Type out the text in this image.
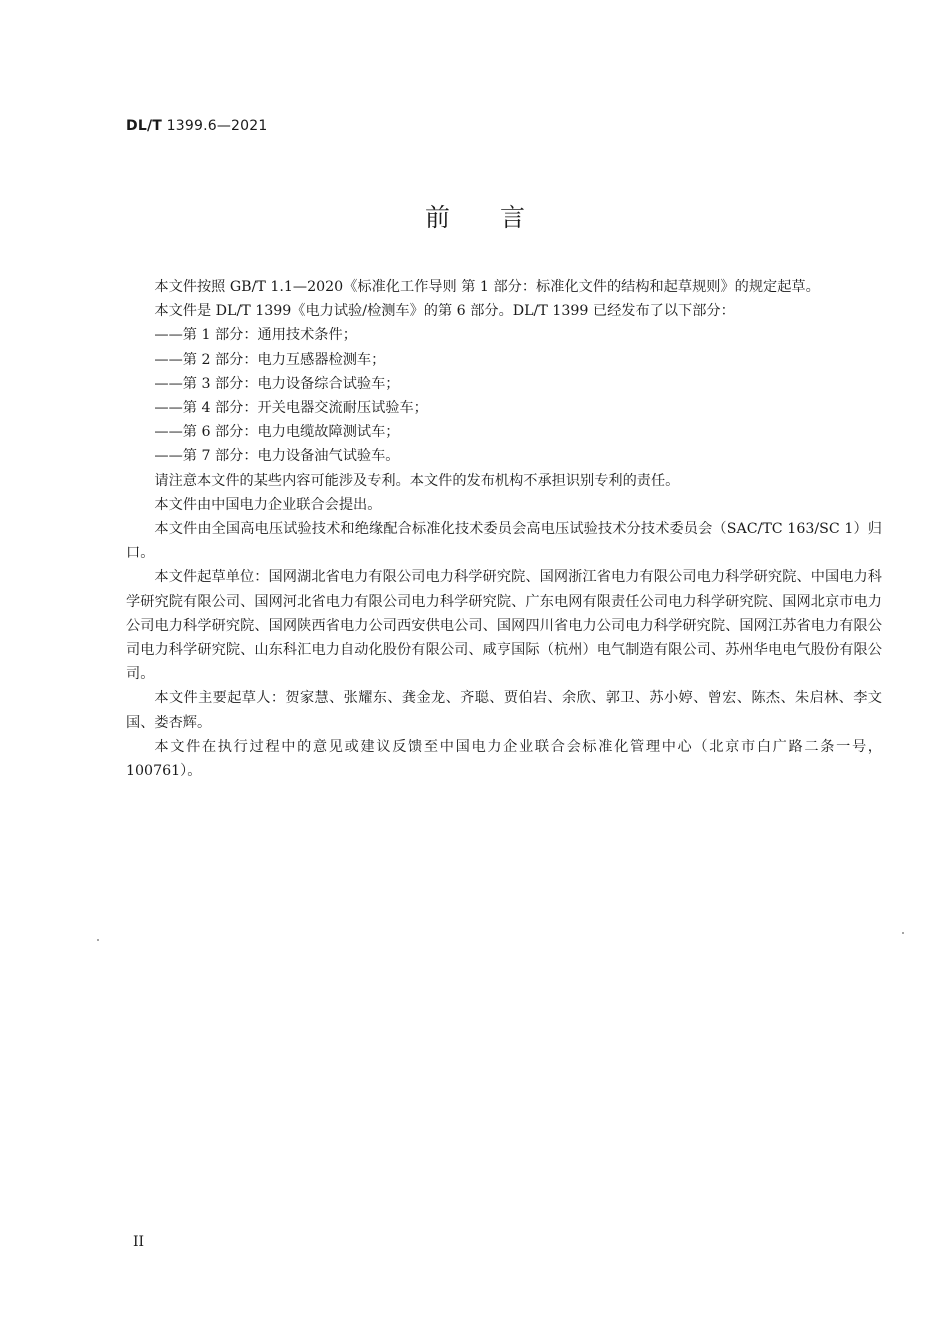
DL/T 1399.6—2021
前言

本文件按照 GB/T 1.1—2020《标准化工作导则 第 1 部分：标准化文件的结构和起草规则》的规定起草。

本文件是 DL/T 1399《电力试验/检测车》的第 6 部分。DL/T 1399 已经发布了以下部分：

——第 1 部分：通用技术条件；

——第 2 部分：电力互感器检测车；

——第 3 部分：电力设备综合试验车；

——第 4 部分：开关电器交流耐压试验车；

——第 6 部分：电力电缆故障测试车；

——第 7 部分：电力设备油气试验车。

请注意本文件的某些内容可能涉及专利。本文件的发布机构不承担识别专利的责任。

本文件由中国电力企业联合会提出。

本文件由全国高电压试验技术和绝缘配合标准化技术委员会高电压试验技术分技术委员会（SAC/TC 163/SC 1）归口。

本文件起草单位：国网湖北省电力有限公司电力科学研究院、国网浙江省电力有限公司电力科学研究院、中国电力科学研究院有限公司、国网河北省电力有限公司电力科学研究院、广东电网有限责任公司电力科学研究院、国网北京市电力公司电力科学研究院、国网陕西省电力公司西安供电公司、国网四川省电力公司电力科学研究院、国网江苏省电力有限公司电力科学研究院、山东科汇电力自动化股份有限公司、咸亨国际（杭州）电气制造有限公司、苏州华电电气股份有限公司。

本文件主要起草人：贺家慧、张耀东、龚金龙、齐聪、贾伯岩、余欣、郭卫、苏小婷、曾宏、陈杰、朱启林、李文国、娄杏辉。

本文件在执行过程中的意见或建议反馈至中国电力企业联合会标准化管理中心（北京市白广路二条一号，100761）。

II
